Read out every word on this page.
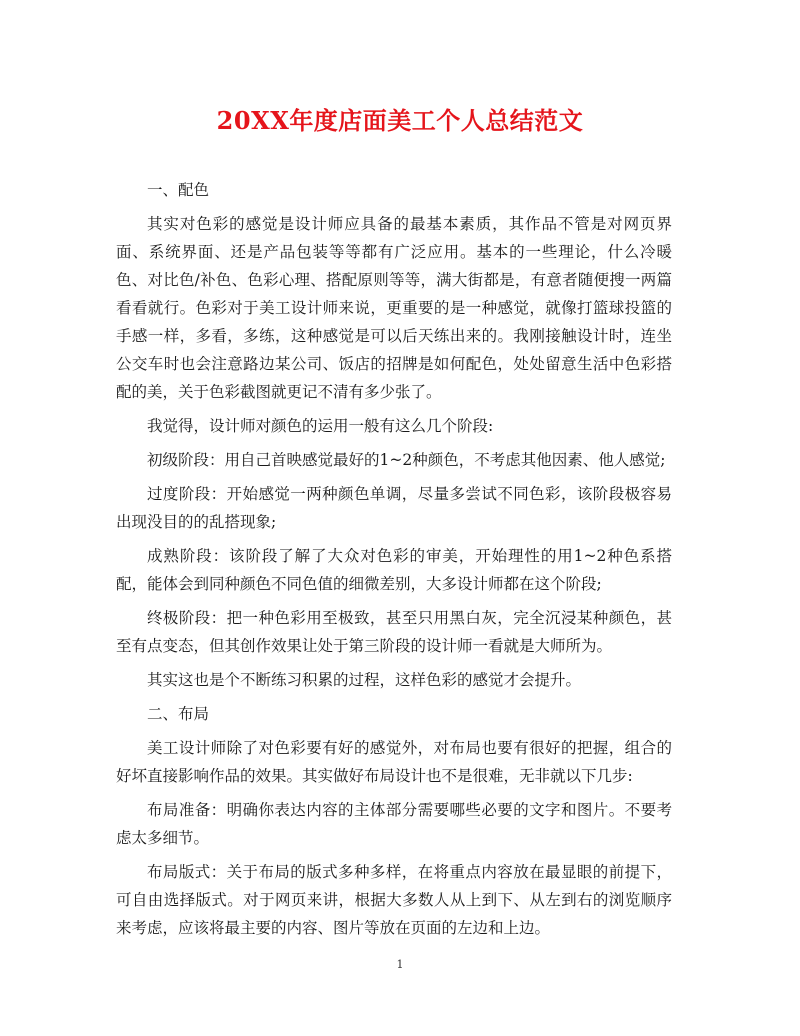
20XX年度店面美工个人总结范文

一、配色

其实对色彩的感觉是设计师应具备的最基本素质，其作品不管是对网页界面、系统界面、还是产品包装等等都有广泛应用。基本的一些理论，什么冷暖色、对比色/补色、色彩心理、搭配原则等等，满大街都是，有意者随便搜一两篇看看就行。色彩对于美工设计师来说，更重要的是一种感觉，就像打篮球投篮的手感一样，多看，多练，这种感觉是可以后天练出来的。我刚接触设计时，连坐公交车时也会注意路边某公司、饭店的招牌是如何配色，处处留意生活中色彩搭配的美，关于色彩截图就更记不清有多少张了。

我觉得，设计师对颜色的运用一般有这么几个阶段:

初级阶段：用自己首映感觉最好的1~2种颜色，不考虑其他因素、他人感觉;

过度阶段：开始感觉一两种颜色单调，尽量多尝试不同色彩，该阶段极容易出现没目的的乱搭现象;

成熟阶段：该阶段了解了大众对色彩的审美，开始理性的用1~2种色系搭配，能体会到同种颜色不同色值的细微差别，大多设计师都在这个阶段;

终极阶段：把一种色彩用至极致，甚至只用黑白灰，完全沉浸某种颜色，甚至有点变态，但其创作效果让处于第三阶段的设计师一看就是大师所为。

其实这也是个不断练习积累的过程，这样色彩的感觉才会提升。

二、布局

美工设计师除了对色彩要有好的感觉外，对布局也要有很好的把握，组合的好坏直接影响作品的效果。其实做好布局设计也不是很难，无非就以下几步:

布局准备：明确你表达内容的主体部分需要哪些必要的文字和图片。不要考虑太多细节。

布局版式：关于布局的版式多种多样，在将重点内容放在最显眼的前提下，可自由选择版式。对于网页来讲，根据大多数人从上到下、从左到右的浏览顺序来考虑，应该将最主要的内容、图片等放在页面的左边和上边。

1
